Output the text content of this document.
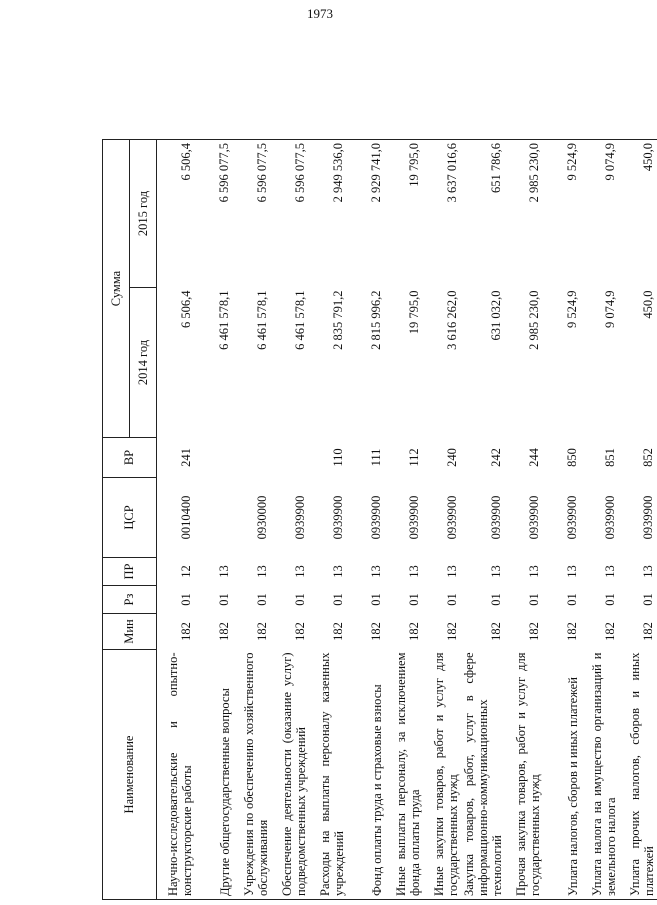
1973
Наименование	Мин	Рз	ПР	ЦСР	ВР	Сумма	
						2014 год	2015 год
Научно-исследовательские и опытно-конструкторские работы	182	01	12	0010400	241	6 506,4	6 506,4
Другие общегосударственные вопросы	182	01	13			6 461 578,1	6 596 077,5
Учреждения по обеспечению хозяйственного обслуживания	182	01	13	0930000		6 461 578,1	6 596 077,5
Обеспечение деятельности (оказание услуг) подведомственных учреждений	182	01	13	0939900		6 461 578,1	6 596 077,5
Расходы на выплаты персоналу казенных учреждений	182	01	13	0939900	110	2 835 791,2	2 949 536,0
Фонд оплаты труда и страховые взносы	182	01	13	0939900	111	2 815 996,2	2 929 741,0
Иные выплаты персоналу, за исключением фонда оплаты труда	182	01	13	0939900	112	19 795,0	19 795,0
Иные закупки товаров, работ и услуг для государственных нужд	182	01	13	0939900	240	3 616 262,0	3 637 016,6
Закупка товаров, работ, услуг в сфере информационно-коммуникационных технологий	182	01	13	0939900	242	631 032,0	651 786,6
Прочая закупка товаров, работ и услуг для государственных нужд	182	01	13	0939900	244	2 985 230,0	2 985 230,0
Уплата налогов, сборов и иных платежей	182	01	13	0939900	850	9 524,9	9 524,9
Уплата налога на имущество организаций и земельного налога	182	01	13	0939900	851	9 074,9	9 074,9
Уплата прочих налогов, сборов и иных платежей	182	01	13	0939900	852	450,0	450,0
